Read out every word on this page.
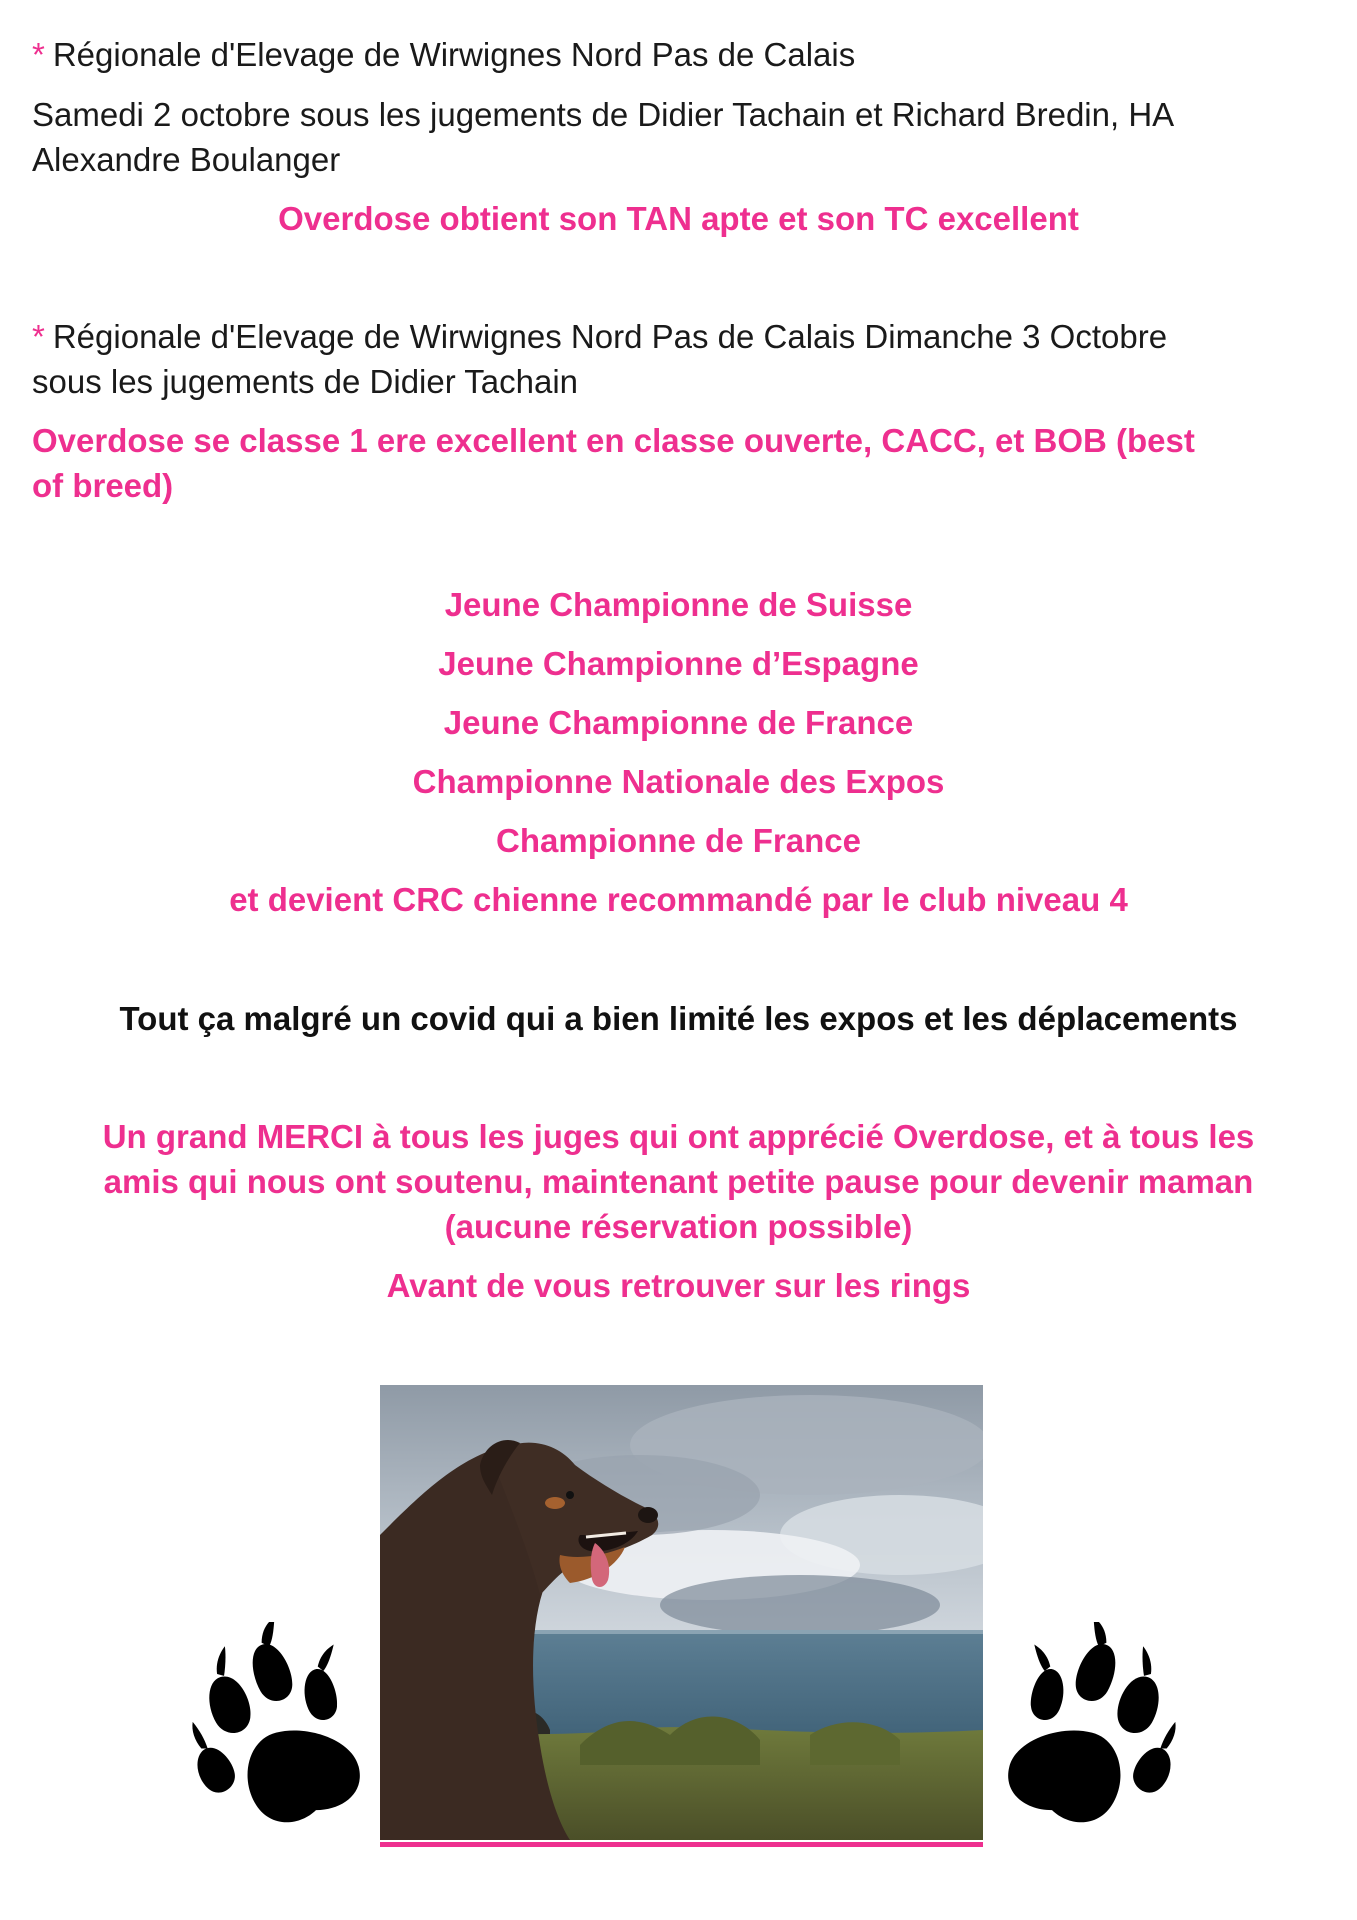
* Régionale d'Elevage de Wirwignes Nord Pas de Calais
Samedi 2 octobre sous les jugements de Didier Tachain et Richard Bredin, HA
Alexandre Boulanger
Overdose obtient son TAN apte et son TC excellent
* Régionale d'Elevage de Wirwignes Nord Pas de Calais Dimanche 3 Octobre
sous les jugements de Didier Tachain
Overdose se classe 1 ere excellent en classe ouverte, CACC, et BOB (best
of breed)
Jeune Championne de Suisse
Jeune Championne d’Espagne
Jeune Championne de France
Championne Nationale des Expos
Championne de France
et devient CRC chienne recommandé par le club niveau 4
Tout ça malgré un covid qui a bien limité les expos et les déplacements
Un grand MERCI à tous les juges qui ont apprécié Overdose, et à tous les
amis qui nous ont soutenu, maintenant petite pause pour devenir maman
(aucune réservation possible)
Avant de vous retrouver sur les rings
